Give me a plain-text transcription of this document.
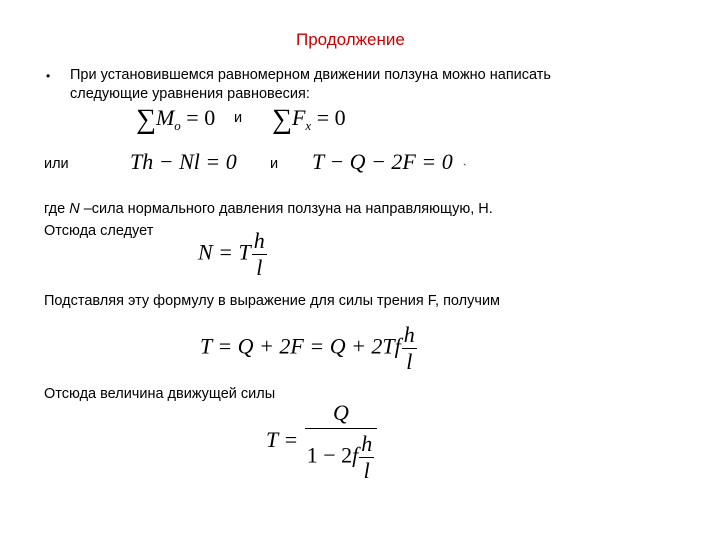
Продолжение
• При установившемся равномерном движении ползуна можно написать
следующие уравнения равновесия:
$\sum M_o = 0$ и $\sum F_x = 0$
или	Th − Nl = 0 и T − Q − 2F = 0 `
где N –сила нормального давления ползуна на направляющую, Н.
Отсюда следует
N = T $\frac{h}{l}$
Подставляя эту формулу в выражение для силы трения F, получим
$T = Q + 2F = Q + 2Tf \frac{h}{l}$
Отсюда величина движущей силы
$T = \frac{Q}{1 - 2f \frac{h}{l}}$
